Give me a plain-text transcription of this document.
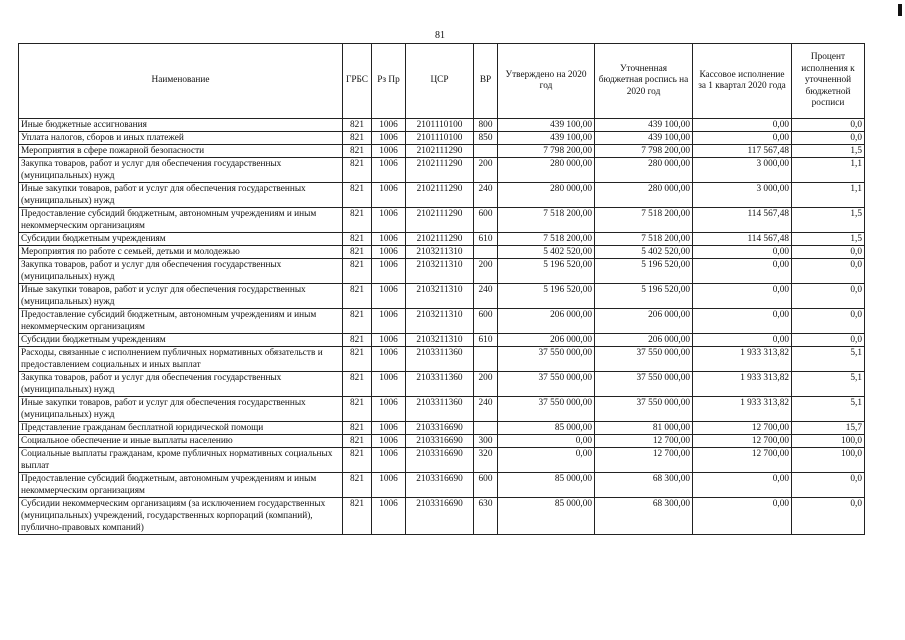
81
Наименование	ГРБС	Рз Пр	ЦСР	ВР	Утверждено на 2020 год	Уточненная бюджетная роспись на 2020 год	Кассовое исполнение за 1 квартал 2020 года	Процент исполнения к уточненной бюджетной росписи
Иные бюджетные ассигнования	821	1006	2101110100	800	439 100,00	439 100,00	0,00	0,0
Уплата налогов, сборов и иных платежей	821	1006	2101110100	850	439 100,00	439 100,00	0,00	0,0
Мероприятия в сфере пожарной безопасности	821	1006	2102111290		7 798 200,00	7 798 200,00	117 567,48	1,5
Закупка товаров, работ и услуг для обеспечения государственных (муниципальных) нужд	821	1006	2102111290	200	280 000,00	280 000,00	3 000,00	1,1
Иные закупки товаров, работ и услуг для обеспечения государственных (муниципальных) нужд	821	1006	2102111290	240	280 000,00	280 000,00	3 000,00	1,1
Предоставление субсидий бюджетным, автономным учреждениям и иным некоммерческим организациям	821	1006	2102111290	600	7 518 200,00	7 518 200,00	114 567,48	1,5
Субсидии бюджетным учреждениям	821	1006	2102111290	610	7 518 200,00	7 518 200,00	114 567,48	1,5
Мероприятия по работе с семьей, детьми и молодежью	821	1006	2103211310		5 402 520,00	5 402 520,00	0,00	0,0
Закупка товаров, работ и услуг для обеспечения государственных (муниципальных) нужд	821	1006	2103211310	200	5 196 520,00	5 196 520,00	0,00	0,0
Иные закупки товаров, работ и услуг для обеспечения государственных (муниципальных) нужд	821	1006	2103211310	240	5 196 520,00	5 196 520,00	0,00	0,0
Предоставление субсидий бюджетным, автономным учреждениям и иным некоммерческим организациям	821	1006	2103211310	600	206 000,00	206 000,00	0,00	0,0
Субсидии бюджетным учреждениям	821	1006	2103211310	610	206 000,00	206 000,00	0,00	0,0
Расходы, связанные с исполнением публичных нормативных обязательств и предоставлением социальных и иных выплат	821	1006	2103311360		37 550 000,00	37 550 000,00	1 933 313,82	5,1
Закупка товаров, работ и услуг для обеспечения государственных (муниципальных) нужд	821	1006	2103311360	200	37 550 000,00	37 550 000,00	1 933 313,82	5,1
Иные закупки товаров, работ и услуг для обеспечения государственных (муниципальных) нужд	821	1006	2103311360	240	37 550 000,00	37 550 000,00	1 933 313,82	5,1
Представление гражданам бесплатной юридической помощи	821	1006	2103316690		85 000,00	81 000,00	12 700,00	15,7
Социальное обеспечение и иные выплаты населению	821	1006	2103316690	300	0,00	12 700,00	12 700,00	100,0
Социальные выплаты гражданам, кроме публичных нормативных социальных выплат	821	1006	2103316690	320	0,00	12 700,00	12 700,00	100,0
Предоставление субсидий бюджетным, автономным учреждениям и иным некоммерческим организациям	821	1006	2103316690	600	85 000,00	68 300,00	0,00	0,0
Субсидии некоммерческим организациям (за исключением государственных (муниципальных) учреждений, государственных корпораций (компаний), публично-правовых компаний)	821	1006	2103316690	630	85 000,00	68 300,00	0,00	0,0
